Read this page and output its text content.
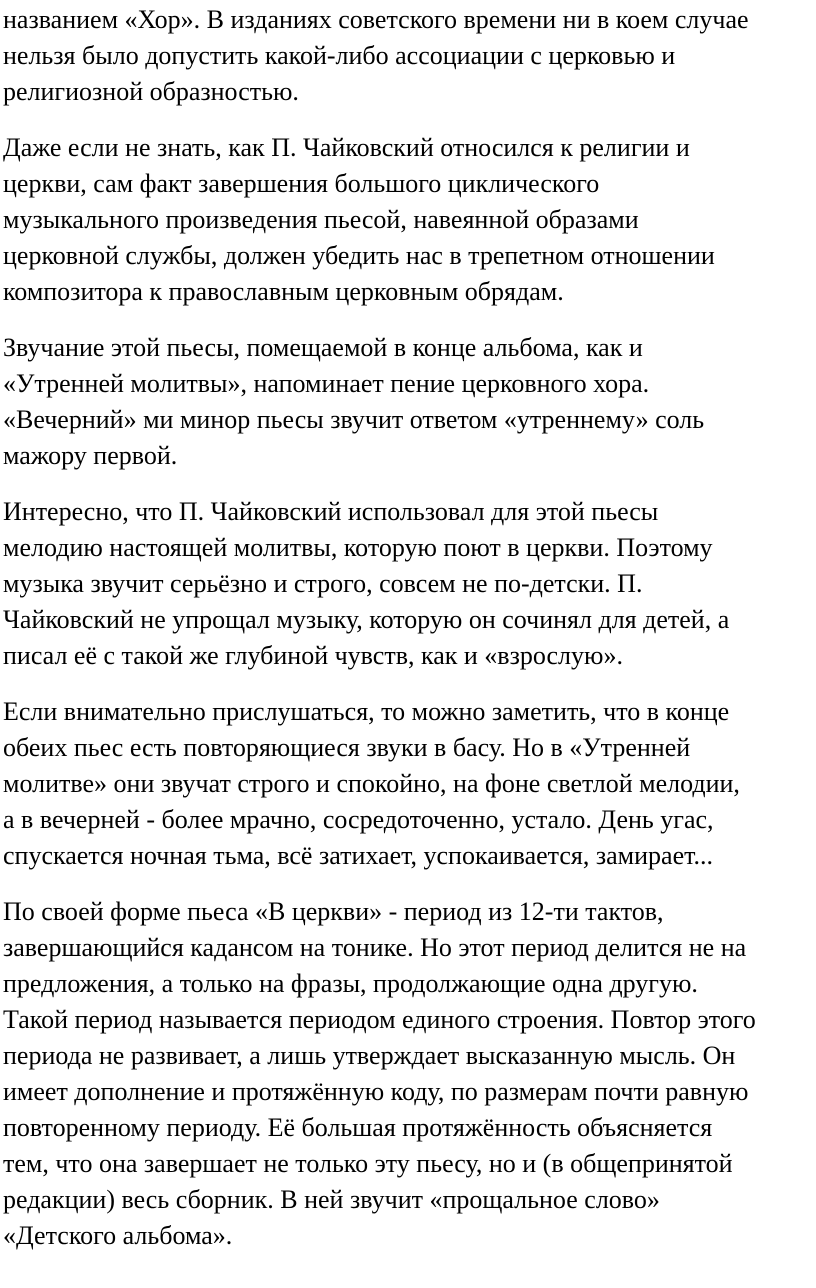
названием «Хор». В изданиях советского времени ни в коем случае
нельзя было допустить какой-либо ассоциации с церковью и
религиозной образностью.

Даже если не знать, как П. Чайковский относился к религии и
церкви, сам факт завершения большого циклического
музыкального произведения пьесой, навеянной образами
церковной службы, должен убедить нас в трепетном отношении
композитора к православным церковным обрядам.

Звучание этой пьесы, помещаемой в конце альбома, как и
«Утренней молитвы», напоминает пение церковного хора.
«Вечерний» ми минор пьесы звучит ответом «утреннему» соль
мажору первой.

Интересно, что П. Чайковский использовал для этой пьесы
мелодию настоящей молитвы, которую поют в церкви. Поэтому
музыка звучит серьёзно и строго, совсем не по-детски. П.
Чайковский не упрощал музыку, которую он сочинял для детей, а
писал её с такой же глубиной чувств, как и «взрослую».

Если внимательно прислушаться, то можно заметить, что в конце
обеих пьес есть повторяющиеся звуки в басу. Но в «Утренней
молитве» они звучат строго и спокойно, на фоне светлой мелодии,
а в вечерней - более мрачно, сосредоточенно, устало. День угас,
спускается ночная тьма, всё затихает, успокаивается, замирает...

По своей форме пьеса «В церкви» - период из 12-ти тактов,
завершающийся кадансом на тонике. Но этот период делится не на
предложения, а только на фразы, продолжающие одна другую.
Такой период называется периодом единого строения. Повтор этого
периода не развивает, а лишь утверждает высказанную мысль. Он
имеет дополнение и протяжённую коду, по размерам почти равную
повторенному периоду. Её большая протяжённость объясняется
тем, что она завершает не только эту пьесу, но и (в общепринятой
редакции) весь сборник. В ней звучит «прощальное слово»
«Детского альбома».
